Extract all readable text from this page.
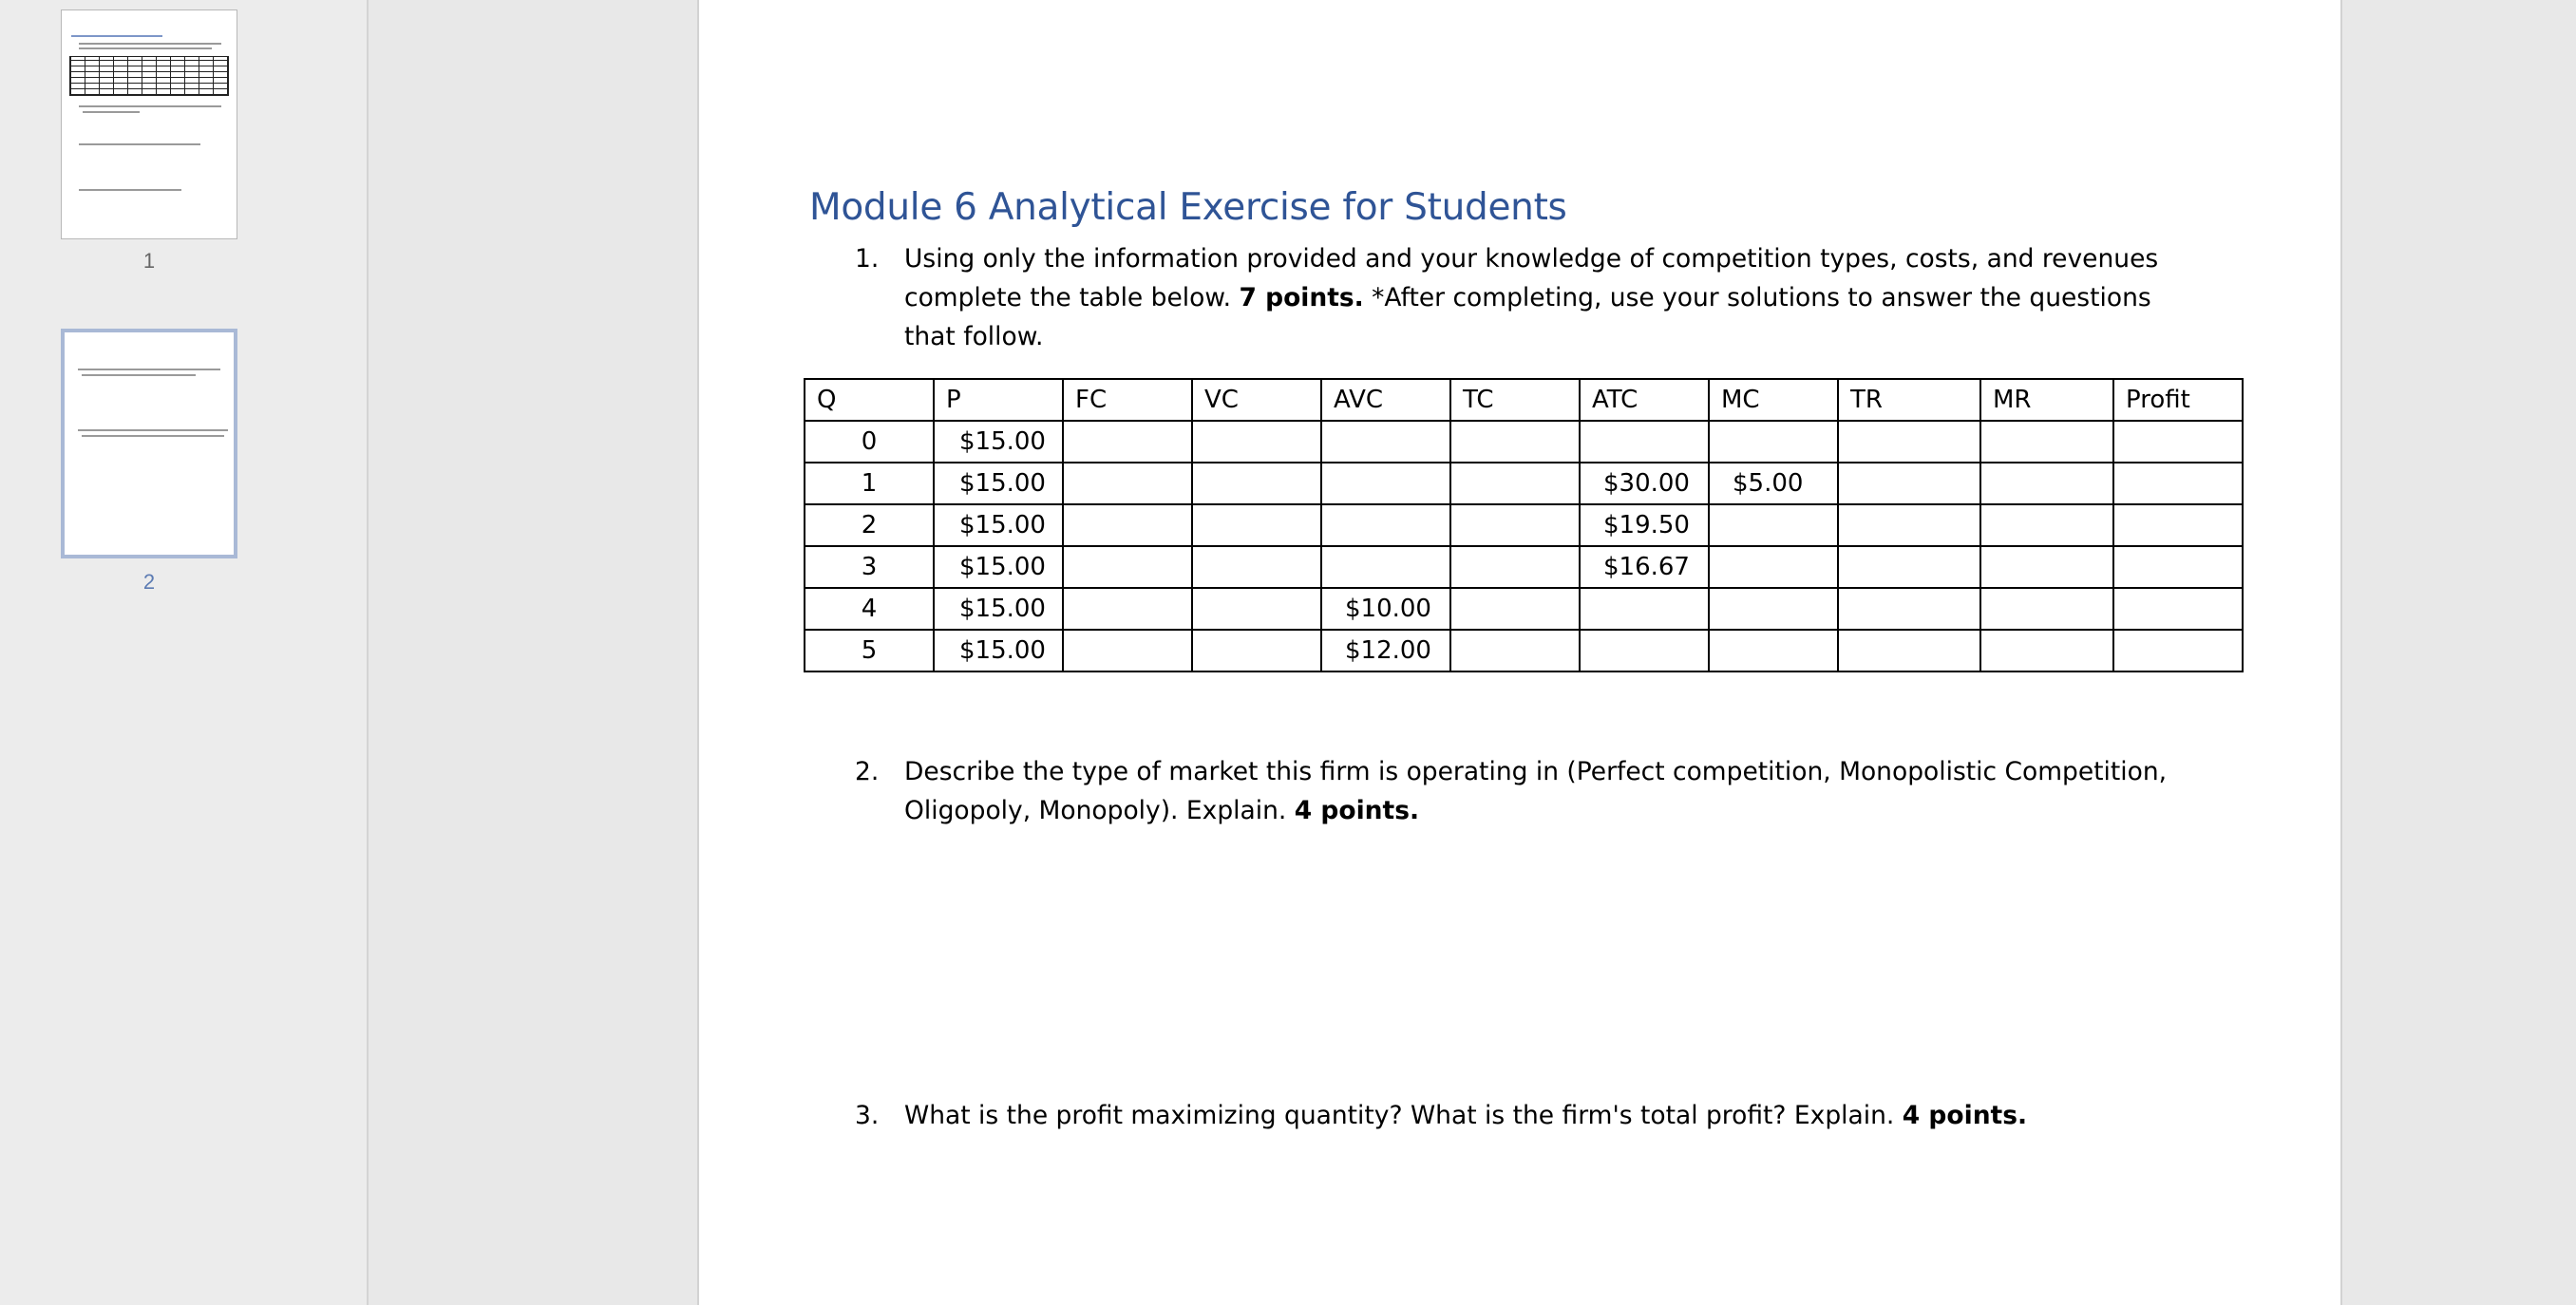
1
2
Module 6 Analytical Exercise for Students
1. Using only the information provided and your knowledge of competition types, costs, and revenues complete the table below. 7 points. *After completing, use your solutions to answer the questions that follow.
Q	P	FC	VC	AVC	TC	ATC	MC	TR	MR	Profit
0	$15.00									
1	$15.00					$30.00	$5.00			
2	$15.00					$19.50				
3	$15.00					$16.67				
4	$15.00			$10.00						
5	$15.00			$12.00						
2. Describe the type of market this firm is operating in (Perfect competition, Monopolistic Competition, Oligopoly, Monopoly). Explain. 4 points.
3. What is the profit maximizing quantity? What is the firm's total profit? Explain. 4 points.
